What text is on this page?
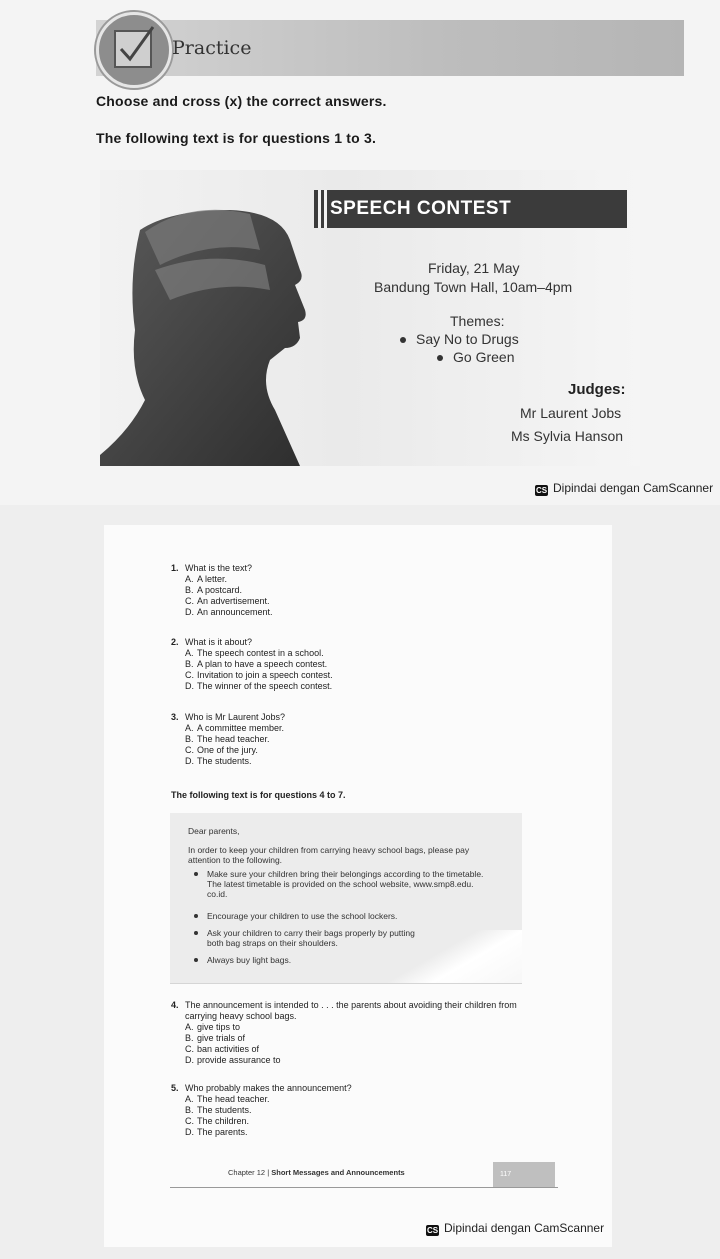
Practice
Choose and cross (x) the correct answers.
The following text is for questions 1 to 3.
SPEECH CONTEST
Friday, 21 May
Bandung Town Hall, 10am–4pm
Themes:
Say No to Drugs
Go Green
Judges:
Mr Laurent Jobs
Ms Sylvia Hanson
CS Dipindai dengan CamScanner
1. What is the text?
A. A letter.
B. A postcard.
C. An advertisement.
D. An announcement.
2. What is it about?
A. The speech contest in a school.
B. A plan to have a speech contest.
C. Invitation to join a speech contest.
D. The winner of the speech contest.
3. Who is Mr Laurent Jobs?
A. A committee member.
B. The head teacher.
C. One of the jury.
D. The students.
The following text is for questions 4 to 7.
Dear parents,
In order to keep your children from carrying heavy school bags, please pay
attention to the following.
Make sure your children bring their belongings according to the timetable.
The latest timetable is provided on the school website, www.smp8.edu.
co.id.
Encourage your children to use the school lockers.
Ask your children to carry their bags properly by putting
both bag straps on their shoulders.
Always buy light bags.
4. The announcement is intended to . . . the parents about avoiding their children from
carrying heavy school bags.
A. give tips to
B. give trials of
C. ban activities of
D. provide assurance to
5. Who probably makes the announcement?
A. The head teacher.
B. The students.
C. The children.
D. The parents.
Chapter 12 | Short Messages and Announcements	117
CS Dipindai dengan CamScanner
